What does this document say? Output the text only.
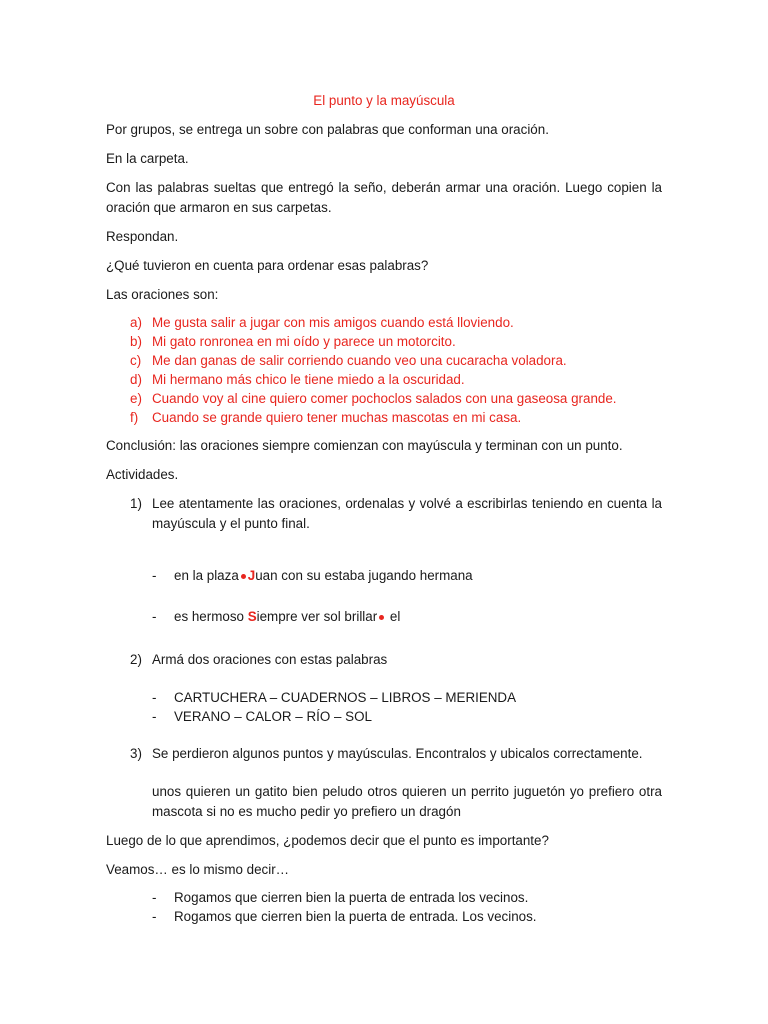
El punto y la mayúscula

Por grupos, se entrega un sobre con palabras que conforman una oración.

En la carpeta.

Con las palabras sueltas que entregó la seño, deberán armar una oración. Luego copien la oración que armaron en sus carpetas.

Respondan.

¿Qué tuvieron en cuenta para ordenar esas palabras?

Las oraciones son:

a) Me gusta salir a jugar con mis amigos cuando está lloviendo.
b) Mi gato ronronea en mi oído y parece un motorcito.
c) Me dan ganas de salir corriendo cuando veo una cucaracha voladora.
d) Mi hermano más chico le tiene miedo a la oscuridad.
e) Cuando voy al cine quiero comer pochoclos salados con una gaseosa grande.
f)	Cuando se grande quiero tener muchas mascotas en mi casa.

Conclusión: las oraciones siempre comienzan con mayúscula y terminan con un punto.

Actividades.

1) Lee atentamente las oraciones, ordenalas y volvé a escribirlas teniendo en cuenta la mayúscula y el punto final.
-	en la plaza Juan con su estaba jugando hermana
-	es hermoso Siempre ver sol brillar el
2) Armá dos oraciones con estas palabras
-	CARTUCHERA – CUADERNOS – LIBROS – MERIENDA
-	VERANO – CALOR – RÍO – SOL
3) Se perdieron algunos puntos y mayúsculas. Encontralos y ubicalos correctamente.

unos quieren un gatito bien peludo otros quieren un perrito juguetón yo prefiero otra mascota si no es mucho pedir yo prefiero un dragón

Luego de lo que aprendimos, ¿podemos decir que el punto es importante?

Veamos… es lo mismo decir…

-	Rogamos que cierren bien la puerta de entrada los vecinos.
-	Rogamos que cierren bien la puerta de entrada. Los vecinos.
